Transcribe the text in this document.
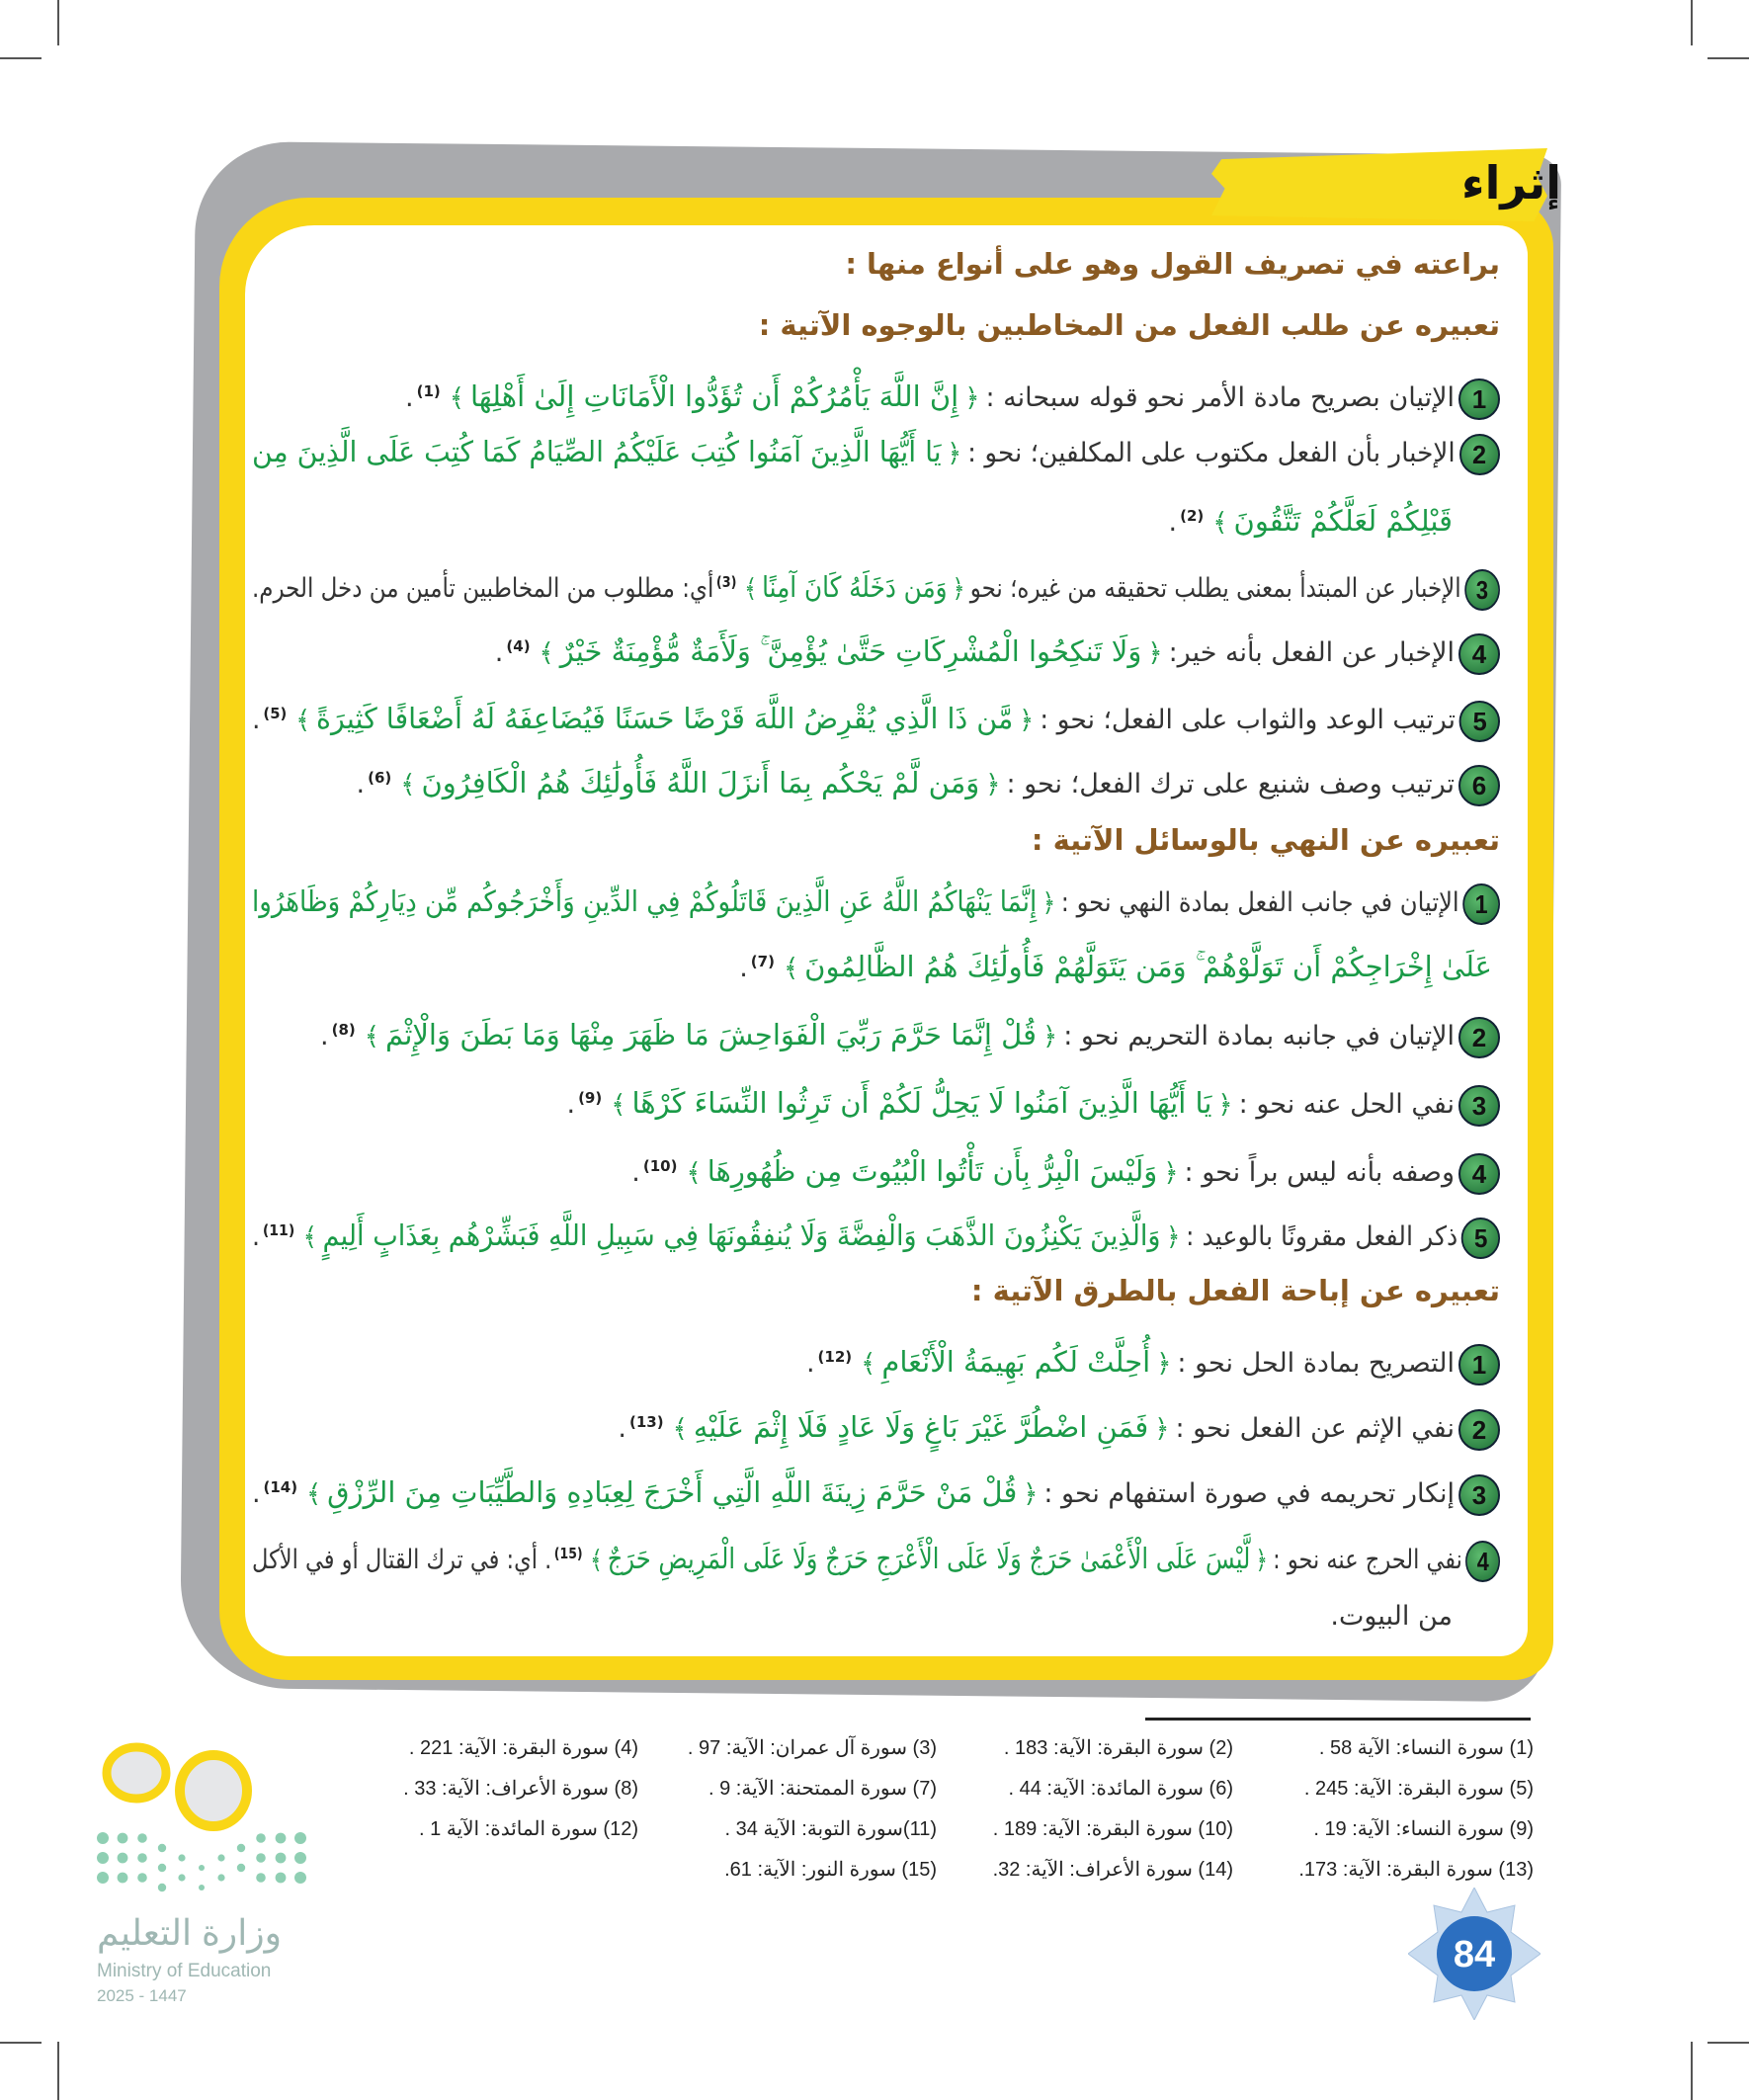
إثراء
براعته في تصريف القول وهو على أنواع منها :
تعبيره عن طلب الفعل من المخاطبين بالوجوه الآتية :
1الإتيان بصريح مادة الأمر نحو قوله سبحانه :﴿إِنَّ اللَّهَ يَأْمُرُكُمْ أَن تُؤَدُّوا الْأَمَانَاتِ إِلَىٰ أَهْلِهَا﴾$^{(1)}$.
2الإخبار بأن الفعل مكتوب على المكلفين؛ نحو :﴿يَا أَيُّهَا الَّذِينَ آمَنُوا كُتِبَ عَلَيْكُمُ الصِّيَامُ كَمَا كُتِبَ عَلَى الَّذِينَ مِن
قَبْلِكُمْ لَعَلَّكُمْ تَتَّقُونَ﴾$^{(2)}$.
3الإخبار عن المبتدأ بمعنى يطلب تحقيقه من غيره؛ نحو﴿وَمَن دَخَلَهُ كَانَ آمِنًا﴾$^{(3)}$أي: مطلوب من المخاطبين تأمين من دخل الحرم.
4الإخبار عن الفعل بأنه خير:﴿وَلَا تَنكِحُوا الْمُشْرِكَاتِ حَتَّىٰ يُؤْمِنَّ ۚ وَلَأَمَةٌ مُّؤْمِنَةٌ خَيْرٌ﴾$^{(4)}$.
5ترتيب الوعد والثواب على الفعل؛ نحو :﴿مَّن ذَا الَّذِي يُقْرِضُ اللَّهَ قَرْضًا حَسَنًا فَيُضَاعِفَهُ لَهُ أَضْعَافًا كَثِيرَةً﴾$^{(5)}$.
6ترتيب وصف شنيع على ترك الفعل؛ نحو :﴿وَمَن لَّمْ يَحْكُم بِمَا أَنزَلَ اللَّهُ فَأُولَٰئِكَ هُمُ الْكَافِرُونَ﴾$^{(6)}$.
تعبيره عن النهي بالوسائل الآتية :
1الإتيان في جانب الفعل بمادة النهي نحو :﴿إِنَّمَا يَنْهَاكُمُ اللَّهُ عَنِ الَّذِينَ قَاتَلُوكُمْ فِي الدِّينِ وَأَخْرَجُوكُم مِّن دِيَارِكُمْ وَظَاهَرُوا
عَلَىٰ إِخْرَاجِكُمْ أَن تَوَلَّوْهُمْ ۚ وَمَن يَتَوَلَّهُمْ فَأُولَٰئِكَ هُمُ الظَّالِمُونَ﴾$^{(7)}$.
2الإتيان في جانبه بمادة التحريم نحو :﴿قُلْ إِنَّمَا حَرَّمَ رَبِّيَ الْفَوَاحِشَ مَا ظَهَرَ مِنْهَا وَمَا بَطَنَ وَالْإِثْمَ﴾$^{(8)}$.
3نفي الحل عنه نحو :﴿يَا أَيُّهَا الَّذِينَ آمَنُوا لَا يَحِلُّ لَكُمْ أَن تَرِثُوا النِّسَاءَ كَرْهًا﴾$^{(9)}$.
4وصفه بأنه ليس براً نحو :﴿وَلَيْسَ الْبِرُّ بِأَن تَأْتُوا الْبُيُوتَ مِن ظُهُورِهَا﴾$^{(10)}$.
5ذكر الفعل مقرونًا بالوعيد :﴿وَالَّذِينَ يَكْنِزُونَ الذَّهَبَ وَالْفِضَّةَ وَلَا يُنفِقُونَهَا فِي سَبِيلِ اللَّهِ فَبَشِّرْهُم بِعَذَابٍ أَلِيمٍ﴾$^{(11)}$.
تعبيره عن إباحة الفعل بالطرق الآتية :
1التصريح بمادة الحل نحو :﴿أُحِلَّتْ لَكُم بَهِيمَةُ الْأَنْعَامِ﴾$^{(12)}$.
2نفي الإثم عن الفعل نحو :﴿فَمَنِ اضْطُرَّ غَيْرَ بَاغٍ وَلَا عَادٍ فَلَا إِثْمَ عَلَيْهِ﴾$^{(13)}$.
3إنكار تحريمه في صورة استفهام نحو :﴿قُلْ مَنْ حَرَّمَ زِينَةَ اللَّهِ الَّتِي أَخْرَجَ لِعِبَادِهِ وَالطَّيِّبَاتِ مِنَ الرِّزْقِ﴾$^{(14)}$.
4نفي الحرج عنه نحو :﴿لَّيْسَ عَلَى الْأَعْمَىٰ حَرَجٌ وَلَا عَلَى الْأَعْرَجِ حَرَجٌ وَلَا عَلَى الْمَرِيضِ حَرَجٌ﴾$^{(15)}$. أي: في ترك القتال أو في الأكل
من البيوت.
(1) سورة النساء: الآية 58 .
(2) سورة البقرة: الآية: 183 .
(3) سورة آل عمران: الآية: 97 .
(4) سورة البقرة: الآية: 221 .
(5) سورة البقرة: الآية: 245 .
(6) سورة المائدة: الآية: 44 .
(7) سورة الممتحنة: الآية: 9 .
(8) سورة الأعراف: الآية: 33 .
(9) سورة النساء: الآية: 19 .
(10) سورة البقرة: الآية: 189 .
(11)سورة التوبة: الآية 34 .
(12) سورة المائدة: الآية 1 .
(13) سورة البقرة: الآية: 173.
(14) سورة الأعراف: الآية: 32.
(15) سورة النور: الآية: 61.
وزارة التعليم
Ministry of Education
2025 - 1447
84
